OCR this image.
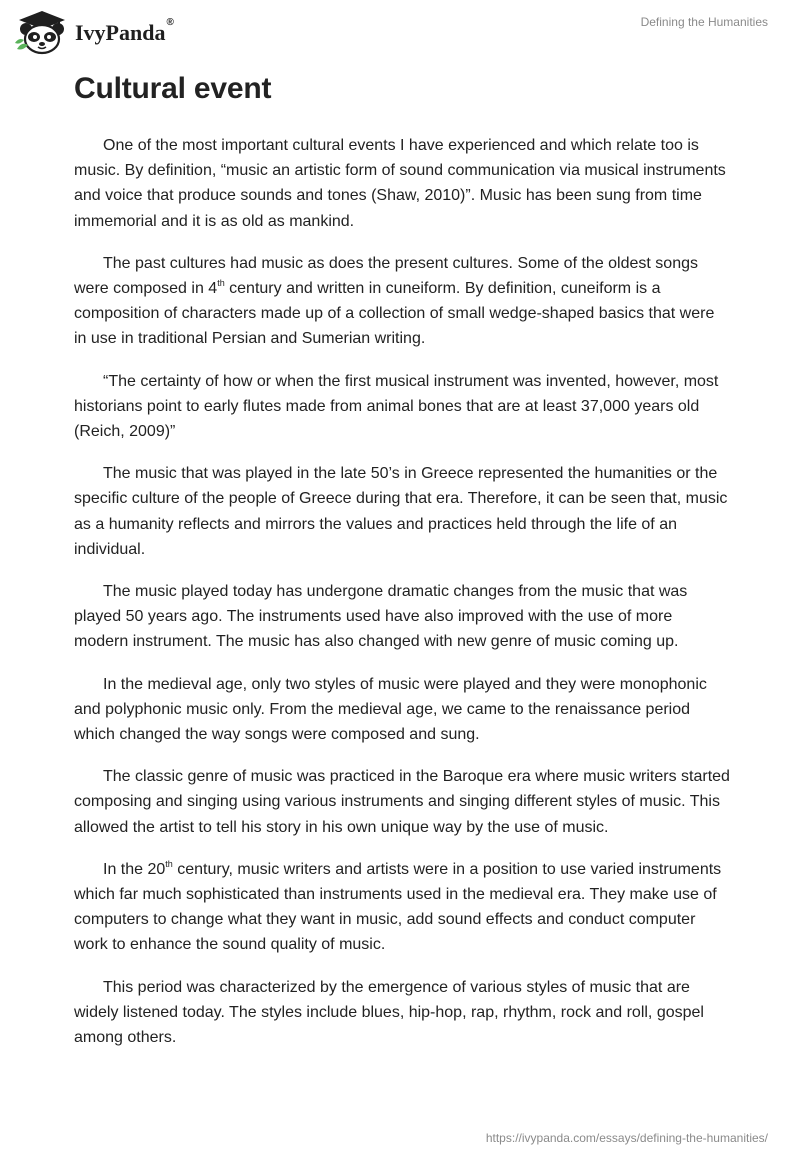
IvyPanda®	Defining the Humanities
Cultural event

One of the most important cultural events I have experienced and which relate too is music. By definition, “music an artistic form of sound communication via musical instruments and voice that produce sounds and tones (Shaw, 2010)”. Music has been sung from time immemorial and it is as old as mankind.

The past cultures had music as does the present cultures. Some of the oldest songs were composed in 4th century and written in cuneiform. By definition, cuneiform is a composition of characters made up of a collection of small wedge-shaped basics that were in use in traditional Persian and Sumerian writing.

“The certainty of how or when the first musical instrument was invented, however, most historians point to early flutes made from animal bones that are at least 37,000 years old (Reich, 2009)”

The music that was played in the late 50’s in Greece represented the humanities or the specific culture of the people of Greece during that era. Therefore, it can be seen that, music as a humanity reflects and mirrors the values and practices held through the life of an individual.

The music played today has undergone dramatic changes from the music that was played 50 years ago. The instruments used have also improved with the use of more modern instrument. The music has also changed with new genre of music coming up.

In the medieval age, only two styles of music were played and they were monophonic and polyphonic music only. From the medieval age, we came to the renaissance period which changed the way songs were composed and sung.

The classic genre of music was practiced in the Baroque era where music writers started composing and singing using various instruments and singing different styles of music. This allowed the artist to tell his story in his own unique way by the use of music.

In the 20th century, music writers and artists were in a position to use varied instruments which far much sophisticated than instruments used in the medieval era. They make use of computers to change what they want in music, add sound effects and conduct computer work to enhance the sound quality of music.

This period was characterized by the emergence of various styles of music that are widely listened today. The styles include blues, hip-hop, rap, rhythm, rock and roll, gospel among others.

https://ivypanda.com/essays/defining-the-humanities/
